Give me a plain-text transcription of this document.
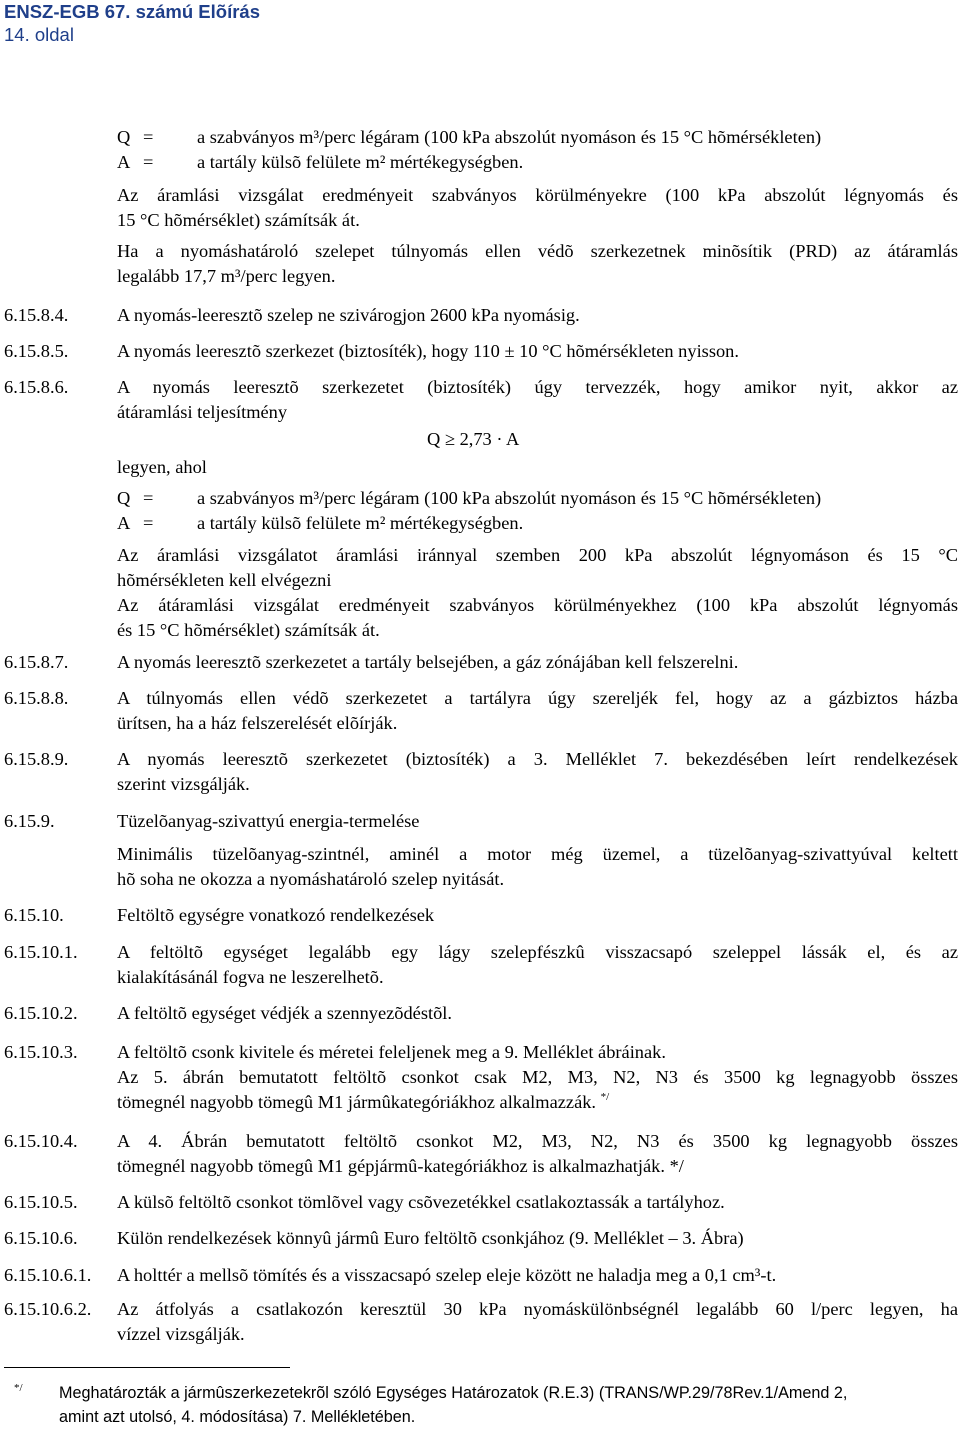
ENSZ-EGB 67. számú Elõírás
14. oldal
Q = a szabványos m³/perc légáram (100 kPa abszolút nyomáson és 15 °C hõmérsékleten)
A = a tartály külsõ felülete m² mértékegységben.
Az áramlási vizsgálat eredményeit szabványos körülményekre (100 kPa abszolút légnyomás és
15 °C hõmérséklet) számítsák át.
Ha a nyomáshatároló szelepet túlnyomás ellen védõ szerkezetnek minõsítik (PRD) az átáramlás
legalább 17,7 m³/perc legyen.
6.15.8.4.	A nyomás-leeresztõ szelep ne szivárogjon 2600 kPa nyomásig.
6.15.8.5.	A nyomás leeresztõ szerkezet (biztosíték), hogy 110 ± 10 °C hõmérsékleten nyisson.
6.15.8.6.	A nyomás leeresztõ szerkezetet (biztosíték) úgy tervezzék, hogy amikor nyit, akkor az
átáramlási teljesítmény
Q ≥ 2,73 · A
legyen, ahol
Q = a szabványos m³/perc légáram (100 kPa abszolút nyomáson és 15 °C hõmérsékleten)
A = a tartály külsõ felülete m² mértékegységben.
Az áramlási vizsgálatot áramlási iránnyal szemben 200 kPa abszolút légnyomáson és 15 °C
hõmérsékleten kell elvégezni
Az átáramlási vizsgálat eredményeit szabványos körülményekhez (100 kPa abszolút légnyomás
és 15 °C hõmérséklet) számítsák át.
6.15.8.7.	A nyomás leeresztõ szerkezetet a tartály belsejében, a gáz zónájában kell felszerelni.
6.15.8.8.	A túlnyomás ellen védõ szerkezetet a tartályra úgy szereljék fel, hogy az a gázbiztos házba
ürítsen, ha a ház felszerelését elõírják.
6.15.8.9.	A nyomás leeresztõ szerkezetet (biztosíték) a 3. Melléklet 7. bekezdésében leírt rendelkezések
szerint vizsgálják.
6.15.9.	Tüzelõanyag-szivattyú energia-termelése
Minimális tüzelõanyag-szintnél, aminél a motor még üzemel, a tüzelõanyag-szivattyúval keltett
hõ soha ne okozza a nyomáshatároló szelep nyitását.
6.15.10.	Feltöltõ egységre vonatkozó rendelkezések
6.15.10.1. A feltöltõ egységet legalább egy lágy szelepfészkû visszacsapó szeleppel lássák el, és az
kialakításánál fogva ne leszerelhetõ.
6.15.10.2. A feltöltõ egységet védjék a szennyezõdéstõl.
6.15.10.3. A feltöltõ csonk kivitele és méretei feleljenek meg a 9. Melléklet ábráinak.
Az 5. ábrán bemutatott feltöltõ csonkot csak M2, M3, N2, N3 és 3500 kg legnagyobb összes
tömegnél nagyobb tömegû M1 jármûkategóriákhoz alkalmazzák. */
6.15.10.4. A 4. Ábrán bemutatott feltöltõ csonkot M2, M3, N2, N3 és 3500 kg legnagyobb összes
tömegnél nagyobb tömegû M1 gépjármû-kategóriákhoz is alkalmazhatják. */
6.15.10.5. A külsõ feltöltõ csonkot tömlõvel vagy csõvezetékkel csatlakoztassák a tartályhoz.
6.15.10.6. Külön rendelkezések könnyû jármû Euro feltöltõ csonkjához (9. Melléklet – 3. Ábra)
6.15.10.6.1. A holttér a mellsõ tömítés és a visszacsapó szelep eleje között ne haladja meg a 0,1 cm³-t.
6.15.10.6.2. Az átfolyás a csatlakozón keresztül 30 kPa nyomáskülönbségnél legalább 60 l/perc legyen, ha
vízzel vizsgálják.
*/ Meghatározták a jármûszerkezetekrõl szóló Egységes Határozatok (R.E.3) (TRANS/WP.29/78Rev.1/Amend 2,
amint azt utolsó, 4. módosítása) 7. Mellékletében.
